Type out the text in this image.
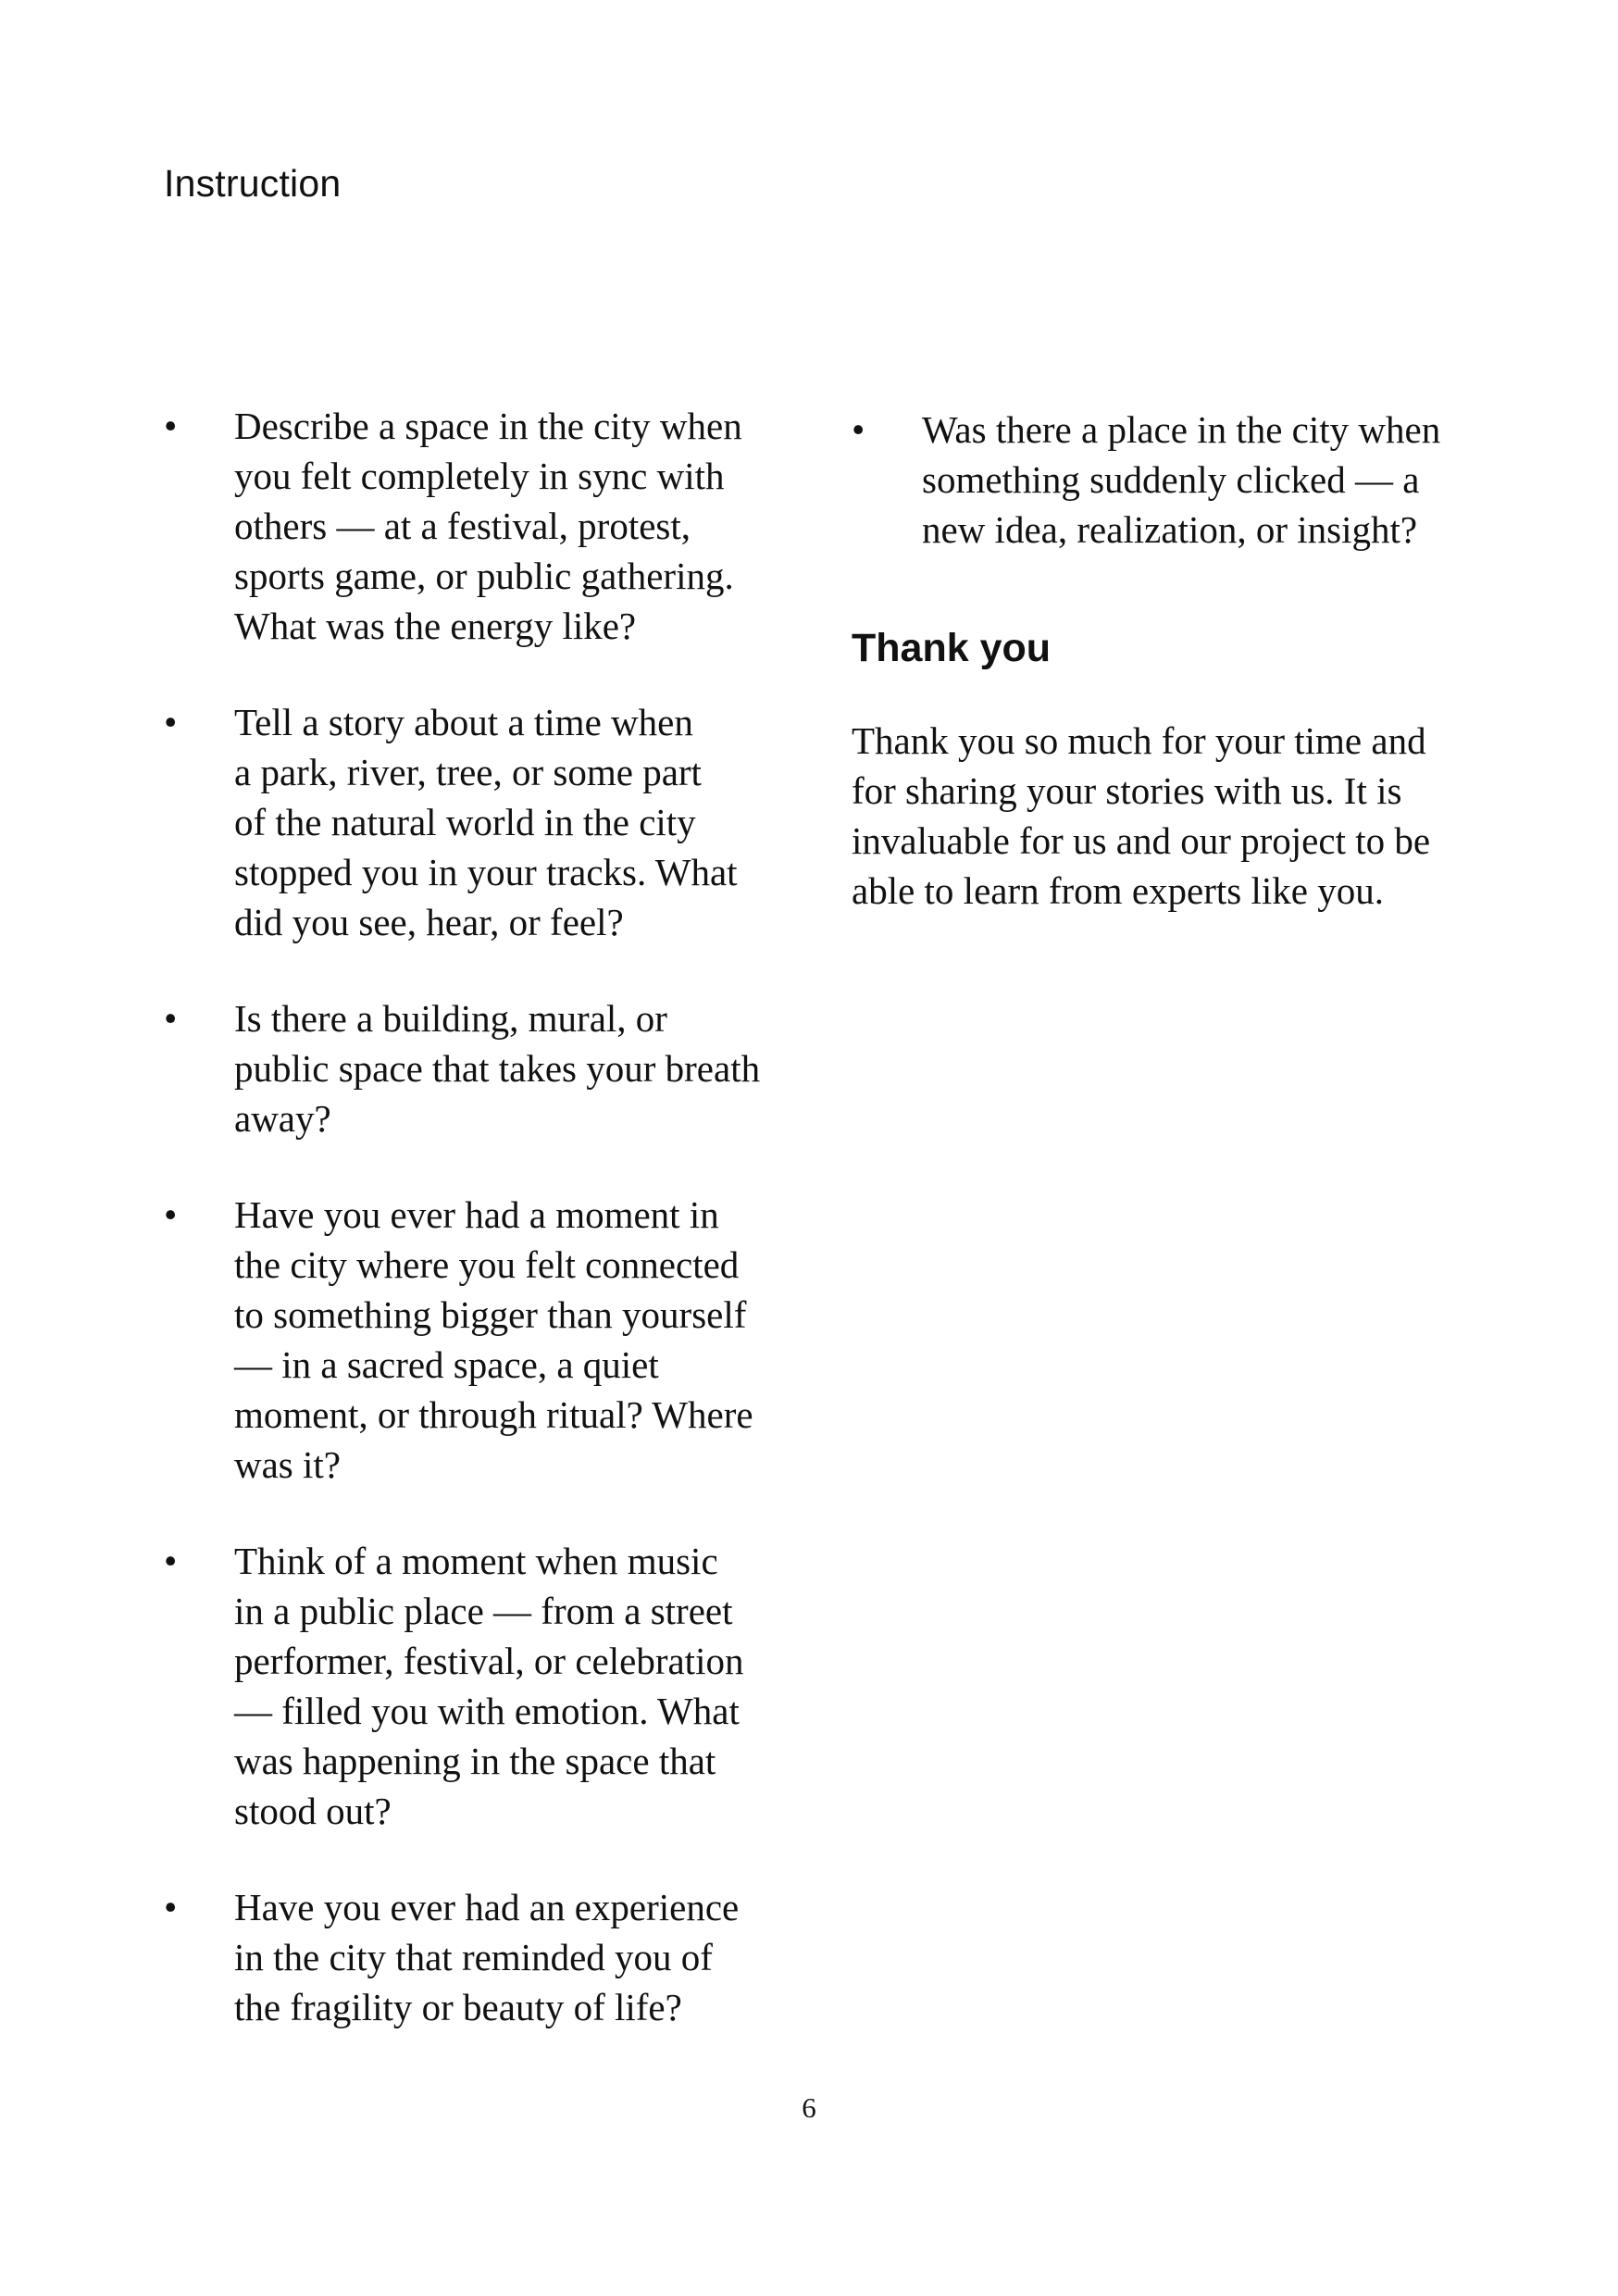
Instruction
•	Describe a space in the city when
you felt completely in sync with
others — at a festival, protest,
sports game, or public gathering.
What was the energy like?
•	Tell a story about a time when
a park, river, tree, or some part
of the natural world in the city
stopped you in your tracks. What
did you see, hear, or feel?
•	Is there a building, mural, or
public space that takes your breath
away?
•	Have you ever had a moment in
the city where you felt connected
to something bigger than yourself
— in a sacred space, a quiet
moment, or through ritual? Where
was it?
•	Think of a moment when music
in a public place — from a street
performer, festival, or celebration
— filled you with emotion. What
was happening in the space that
stood out?
•	Have you ever had an experience
in the city that reminded you of
the fragility or beauty of life?
•	Was there a place in the city when
something suddenly clicked — a
new idea, realization, or insight?
Thank you

Thank you so much for your time and
for sharing your stories with us. It is
invaluable for us and our project to be
able to learn from experts like you.

6
